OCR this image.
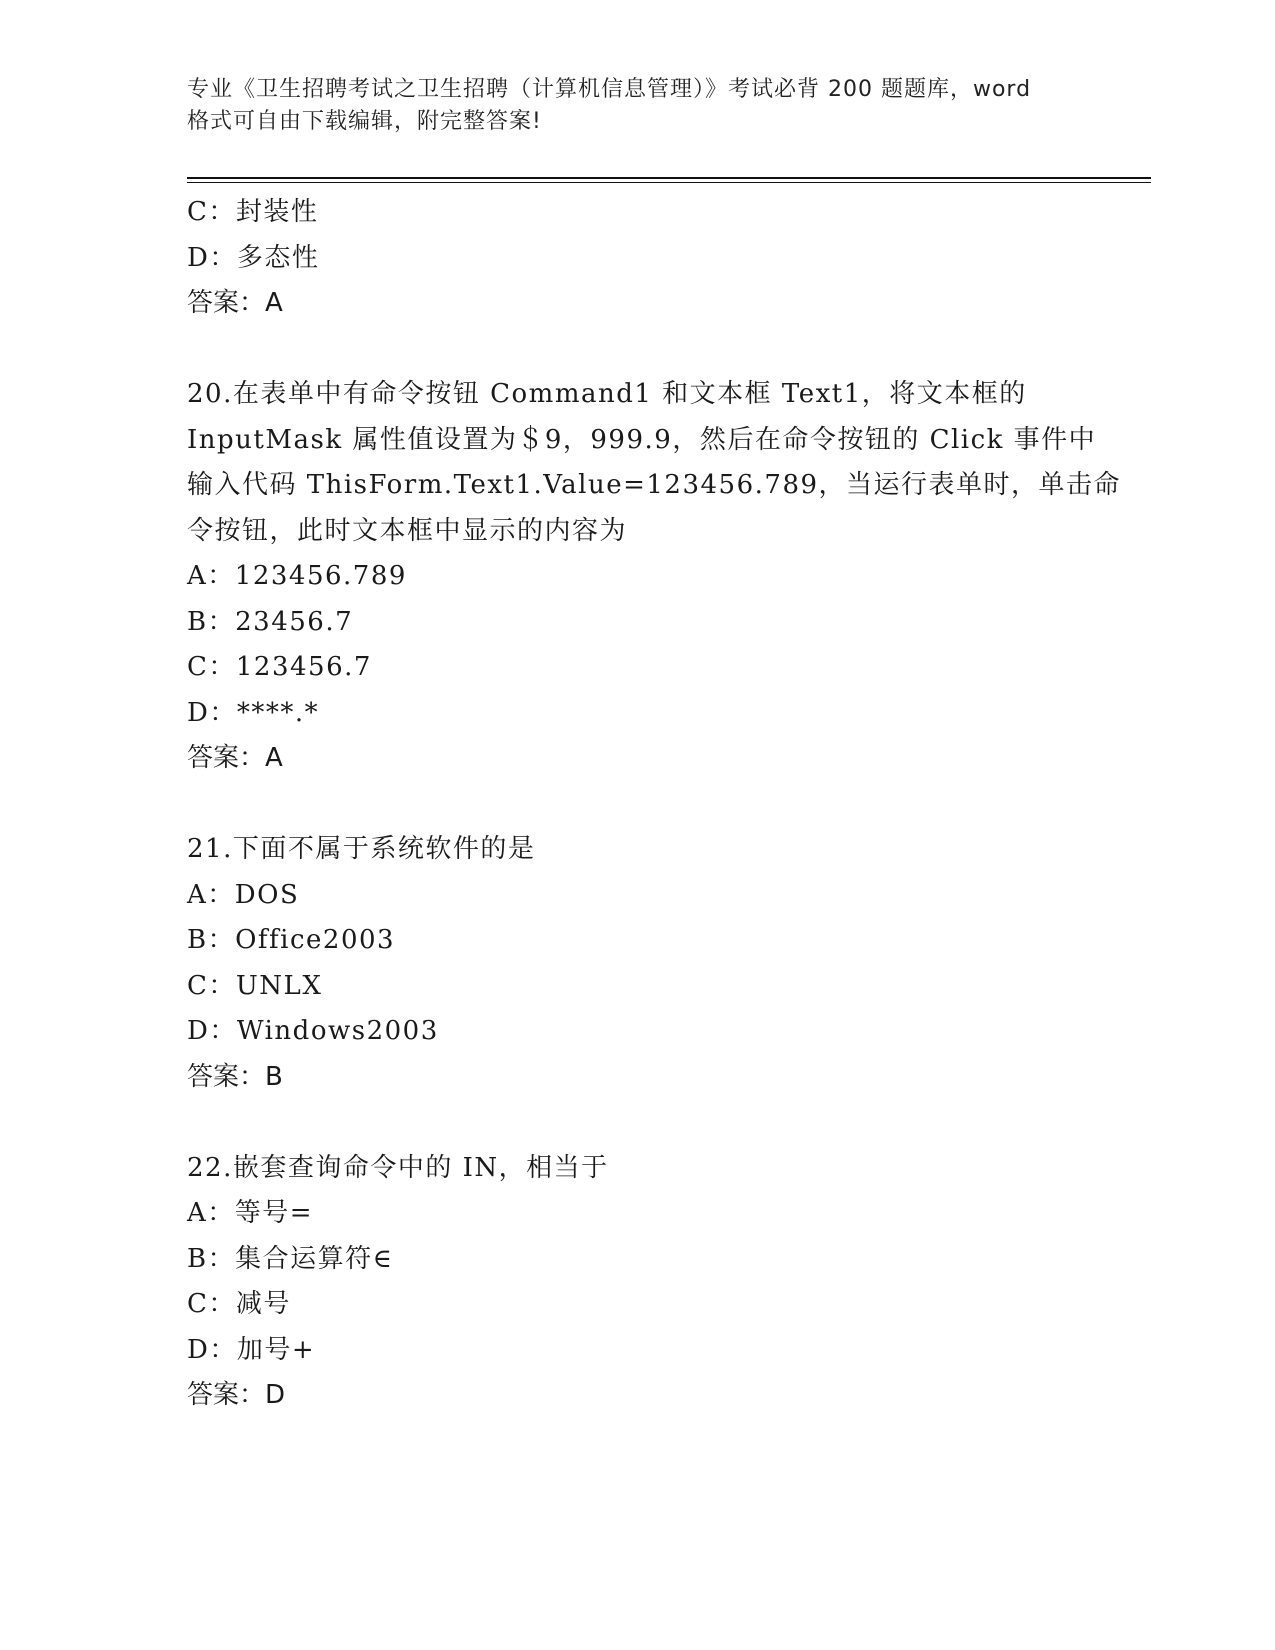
专业《卫生招聘考试之卫生招聘（计算机信息管理）》考试必背 200 题题库，word
格式可自由下载编辑，附完整答案!
C：封装性
D：多态性
答案：A
20.在表单中有命令按钮 Command1 和文本框 Text1，将文本框的
InputMask 属性值设置为＄9，999.9，然后在命令按钮的 Click 事件中
输入代码 ThisForm.Text1.Value=123456.789，当运行表单时，单击命
令按钮，此时文本框中显示的内容为
A：123456.789
B：23456.7
C：123456.7
D：****.*
答案：A
21.下面不属于系统软件的是
A：DOS
B：Office2003
C：UNLX
D：Windows2003
答案：B
22.嵌套查询命令中的 IN，相当于
A：等号=
B：集合运算符∈
C：减号
D：加号+
答案：D
